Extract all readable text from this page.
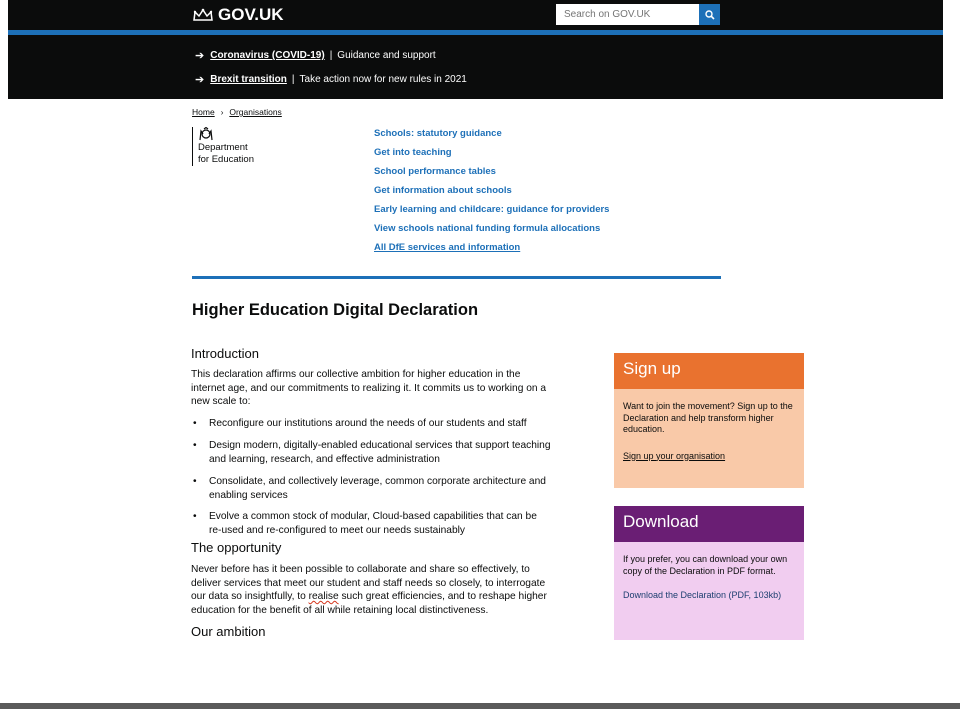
GOV.UK
Search on GOV.UK
➔ Coronavirus (COVID-19) | Guidance and support
➔ Brexit transition | Take action now for new rules in 2021
Home › Organisations
Department
for Education
Schools: statutory guidance
Get into teaching
School performance tables
Get information about schools
Early learning and childcare: guidance for providers
View schools national funding formula allocations
All DfE services and information
Higher Education Digital Declaration
Introduction

This declaration affirms our collective ambition for higher education in the internet age, and our commitments to realizing it. It commits us to working on a new scale to:

• Reconfigure our institutions around the needs of our students and staff
• Design modern, digitally-enabled educational services that support teaching and learning, research, and effective administration
• Consolidate, and collectively leverage, common corporate architecture and enabling services
• Evolve a common stock of modular, Cloud-based capabilities that can be re-used and re-configured to meet our needs sustainably
The opportunity

Never before has it been possible to collaborate and share so effectively, to deliver services that meet our student and staff needs so closely, to interrogate our data so insightfully, to realise such great efficiencies, and to reshape higher education for the benefit of all while retaining local distinctiveness.

Our ambition
Sign up
Want to join the movement? Sign up to the Declaration and help transform higher education.
Sign up your organisation
Download
If you prefer, you can download your own copy of the Declaration in PDF format.
Download the Declaration (PDF, 103kb)
